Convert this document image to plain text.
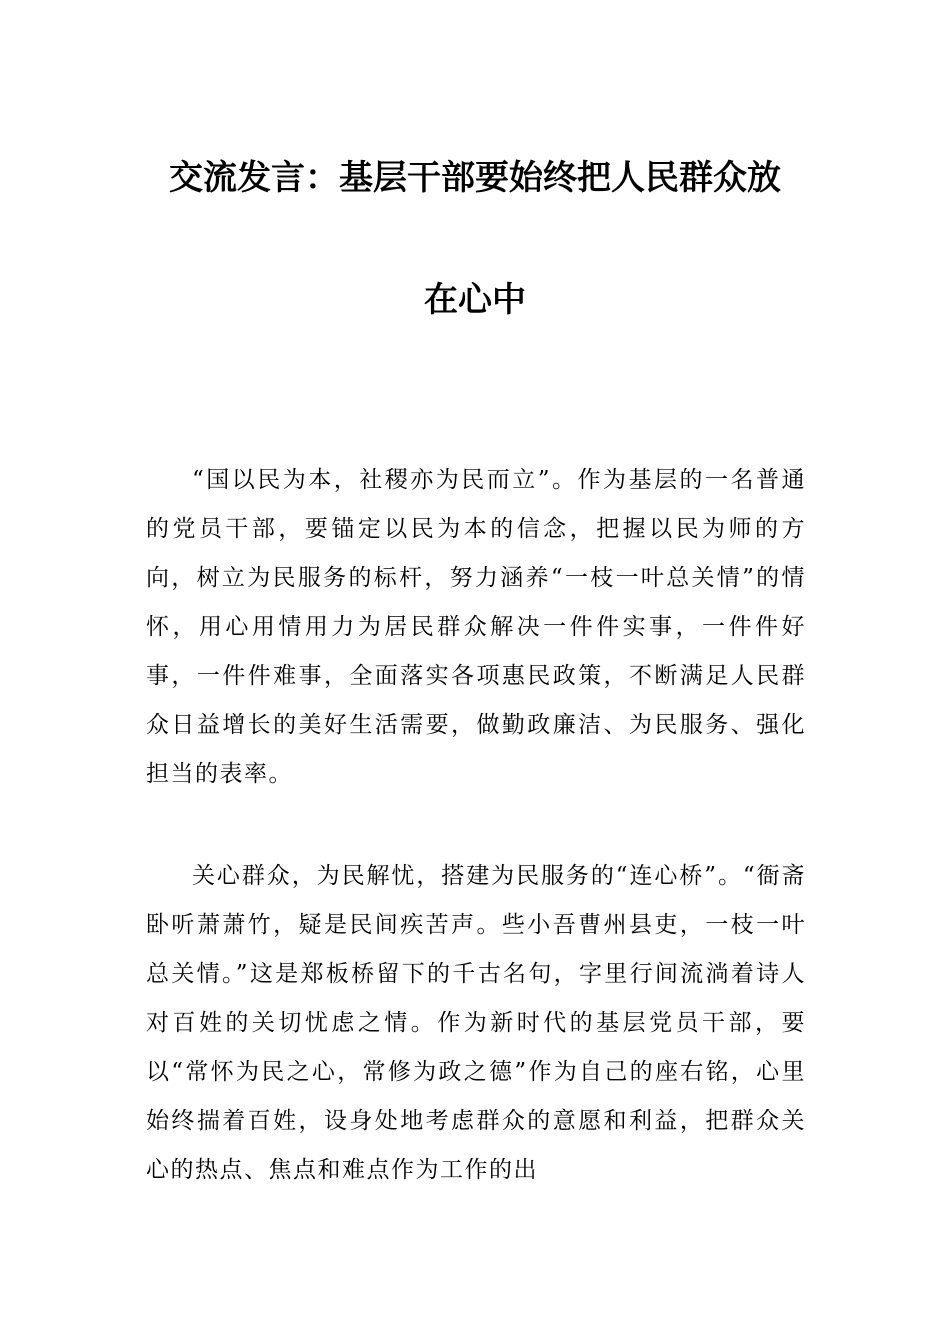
交流发言：基层干部要始终把人民群众放
在心中

“国以民为本，社稷亦为民而立”。作为基层的一名普通的党员干部，要锚定以民为本的信念，把握以民为师的方向，树立为民服务的标杆，努力涵养“一枝一叶总关情”的情怀，用心用情用力为居民群众解决一件件实事，一件件好事，一件件难事，全面落实各项惠民政策，不断满足人民群众日益增长的美好生活需要，做勤政廉洁、为民服务、强化担当的表率。

关心群众，为民解忧，搭建为民服务的“连心桥”。“衙斋卧听萧萧竹，疑是民间疾苦声。些小吾曹州县吏，一枝一叶总关情。”这是郑板桥留下的千古名句，字里行间流淌着诗人对百姓的关切忧虑之情。作为新时代的基层党员干部，要以“常怀为民之心，常修为政之德”作为自己的座右铭，心里始终揣着百姓，设身处地考虑群众的意愿和利益，把群众关心的热点、焦点和难点作为工作的出
